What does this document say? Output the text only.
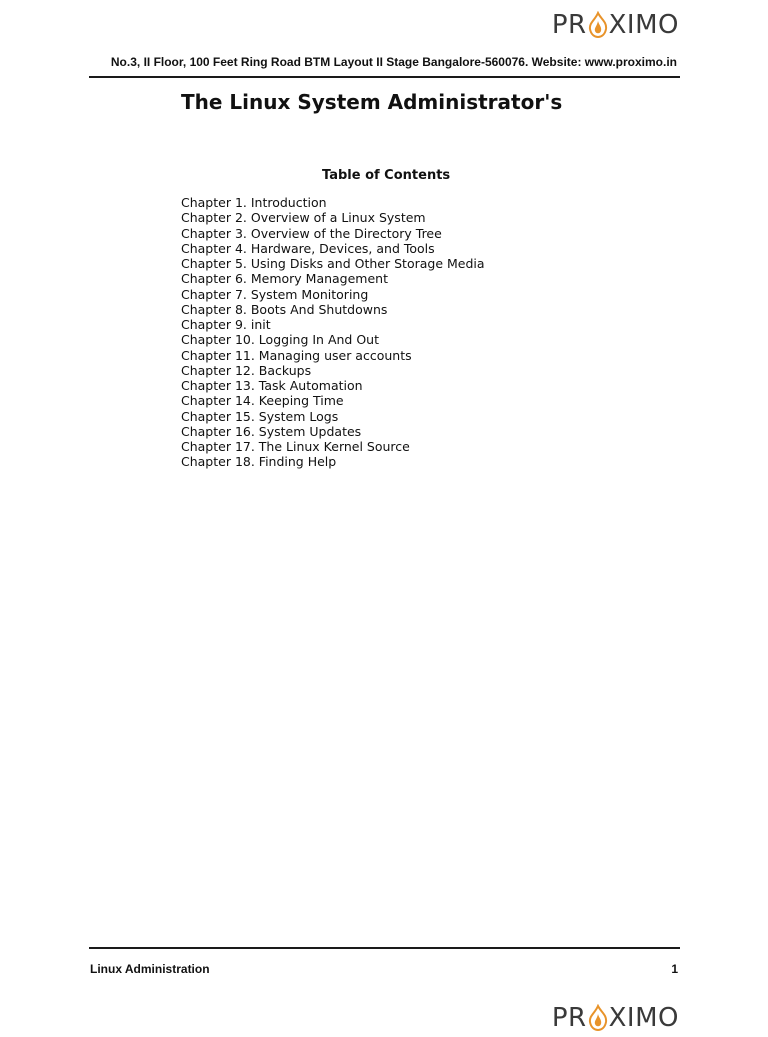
PR XIMO
No.3, II Floor, 100 Feet Ring Road BTM Layout II Stage Bangalore-560076. Website: www.proximo.in
The Linux System Administrator's
Table of Contents
Chapter 1. Introduction
Chapter 2. Overview of a Linux System
Chapter 3. Overview of the Directory Tree
Chapter 4. Hardware, Devices, and Tools
Chapter 5. Using Disks and Other Storage Media
Chapter 6. Memory Management
Chapter 7. System Monitoring
Chapter 8. Boots And Shutdowns
Chapter 9. init
Chapter 10. Logging In And Out
Chapter 11. Managing user accounts
Chapter 12. Backups
Chapter 13. Task Automation
Chapter 14. Keeping Time
Chapter 15. System Logs
Chapter 16. System Updates
Chapter 17. The Linux Kernel Source
Chapter 18. Finding Help
Linux Administration	1
PR XIMO
